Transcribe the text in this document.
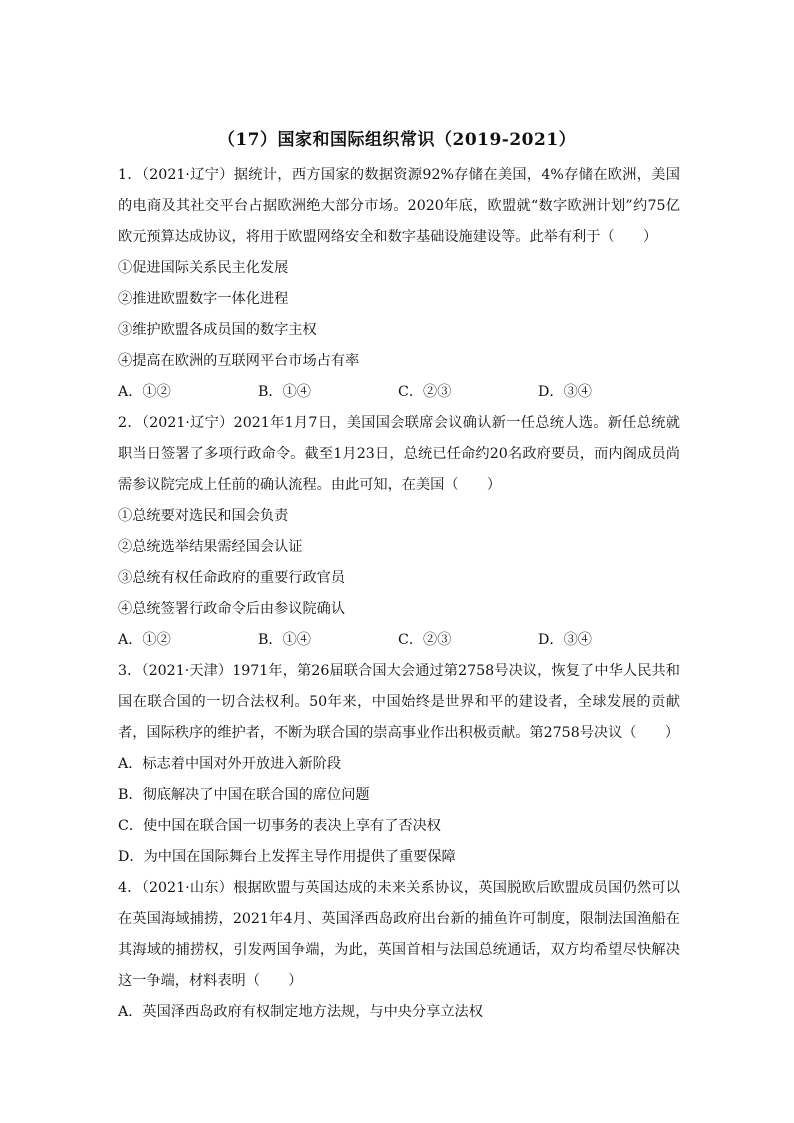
（17）国家和国际组织常识（2019-2021）

1．（2021·辽宁）据统计，西方国家的数据资源92%存储在美国，4%存储在欧洲，美国的电商及其社交平台占据欧洲绝大部分市场。2020年底，欧盟就“数字欧洲计划”约75亿欧元预算达成协议，将用于欧盟网络安全和数字基础设施建设等。此举有利于（　　）

①促进国际关系民主化发展

②推进欧盟数字一体化进程

③维护欧盟各成员国的数字主权

④提高在欧洲的互联网平台市场占有率

A．①②	B．①④	C．②③	D．③④

2．（2021·辽宁）2021年1月7日，美国国会联席会议确认新一任总统人选。新任总统就职当日签署了多项行政命令。截至1月23日，总统已任命约20名政府要员，而内阁成员尚需参议院完成上任前的确认流程。由此可知，在美国（　　）

①总统要对选民和国会负责

②总统选举结果需经国会认证

③总统有权任命政府的重要行政官员

④总统签署行政命令后由参议院确认

A．①②	B．①④	C．②③	D．③④

3．（2021·天津）1971年，第26届联合国大会通过第2758号决议，恢复了中华人民共和国在联合国的一切合法权利。50年来，中国始终是世界和平的建设者，全球发展的贡献者，国际秩序的维护者，不断为联合国的崇高事业作出积极贡献。第2758号决议（　　）

A．标志着中国对外开放进入新阶段

B．彻底解决了中国在联合国的席位问题

C．使中国在联合国一切事务的表决上享有了否决权

D．为中国在国际舞台上发挥主导作用提供了重要保障

4．（2021·山东）根据欧盟与英国达成的未来关系协议，英国脱欧后欧盟成员国仍然可以在英国海域捕捞，2021年4月、英国泽西岛政府出台新的捕鱼许可制度，限制法国渔船在其海域的捕捞权，引发两国争端，为此，英国首相与法国总统通话，双方均希望尽快解决这一争端，材料表明（　　）

A．英国泽西岛政府有权制定地方法规，与中央分享立法权
